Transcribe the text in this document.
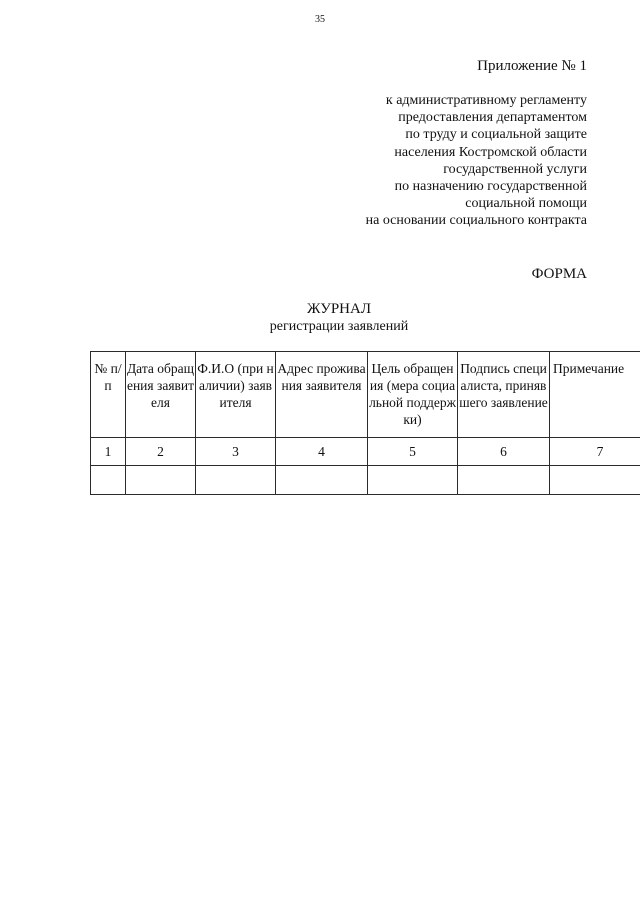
35
Приложение № 1
к административному регламенту
предоставления департаментом
по труду и социальной защите
населения Костромской области
государственной услуги
по назначению государственной
социальной помощи
на основании социального контракта
ФОРМА
ЖУРНАЛ
регистрации заявлений
№ п/п	Дата обращения заявителя	Ф.И.О (при наличии) заявителя	Адрес проживания заявителя	Цель обращения (мера социальной поддержки)	Подпись специалиста, принявшего заявление	Примечание

1	2	3	4	5	6	7
